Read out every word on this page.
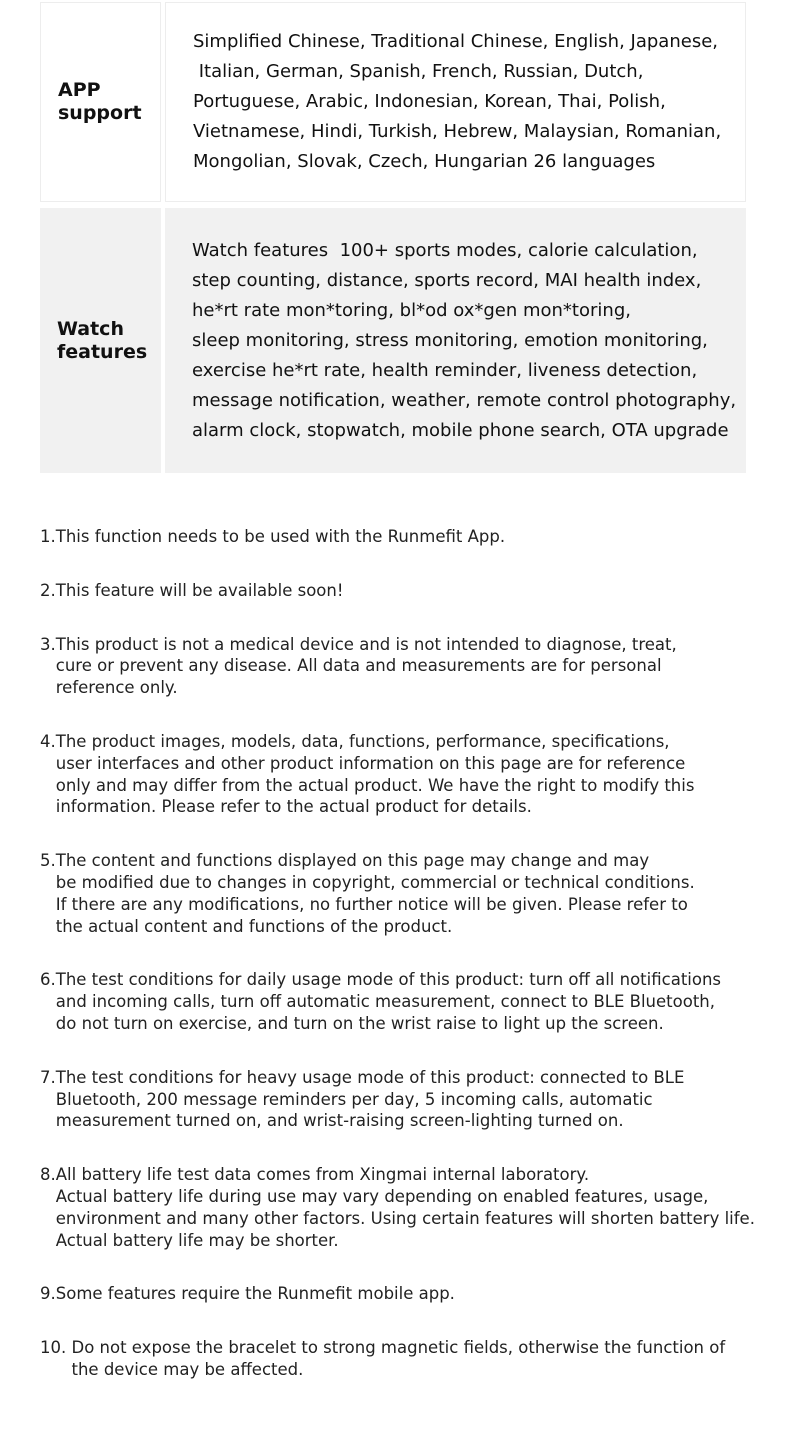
APP
support
Simplified Chinese, Traditional Chinese, English, Japanese,
Italian, German, Spanish, French, Russian, Dutch,
Portuguese, Arabic, Indonesian, Korean, Thai, Polish,
Vietnamese, Hindi, Turkish, Hebrew, Malaysian, Romanian,
Mongolian, Slovak, Czech, Hungarian 26 languages
Watch
features
Watch features  100+ sports modes, calorie calculation,
step counting, distance, sports record, MAI health index,
he*rt rate mon*toring, bl*od ox*gen mon*toring,
sleep monitoring, stress monitoring, emotion monitoring,
exercise he*rt rate, health reminder, liveness detection,
message notification, weather, remote control photography,
alarm clock, stopwatch, mobile phone search, OTA upgrade
1. This function needs to be used with the Runmefit App.
2. This feature will be available soon!
3. This product is not a medical device and is not intended to diagnose, treat,
cure or prevent any disease. All data and measurements are for personal
reference only.
4. The product images, models, data, functions, performance, specifications,
user interfaces and other product information on this page are for reference
only and may differ from the actual product. We have the right to modify this
information. Please refer to the actual product for details.
5. The content and functions displayed on this page may change and may
be modified due to changes in copyright, commercial or technical conditions.
If there are any modifications, no further notice will be given. Please refer to
the actual content and functions of the product.
6. The test conditions for daily usage mode of this product: turn off all notifications
and incoming calls, turn off automatic measurement, connect to BLE Bluetooth,
do not turn on exercise, and turn on the wrist raise to light up the screen.
7. The test conditions for heavy usage mode of this product: connected to BLE
Bluetooth, 200 message reminders per day, 5 incoming calls, automatic
measurement turned on, and wrist-raising screen-lighting turned on.
8. All battery life test data comes from Xingmai internal laboratory.
Actual battery life during use may vary depending on enabled features, usage,
environment and many other factors. Using certain features will shorten battery life.
Actual battery life may be shorter.
9. Some features require the Runmefit mobile app.
10. Do not expose the bracelet to strong magnetic fields, otherwise the function of
the device may be affected.
